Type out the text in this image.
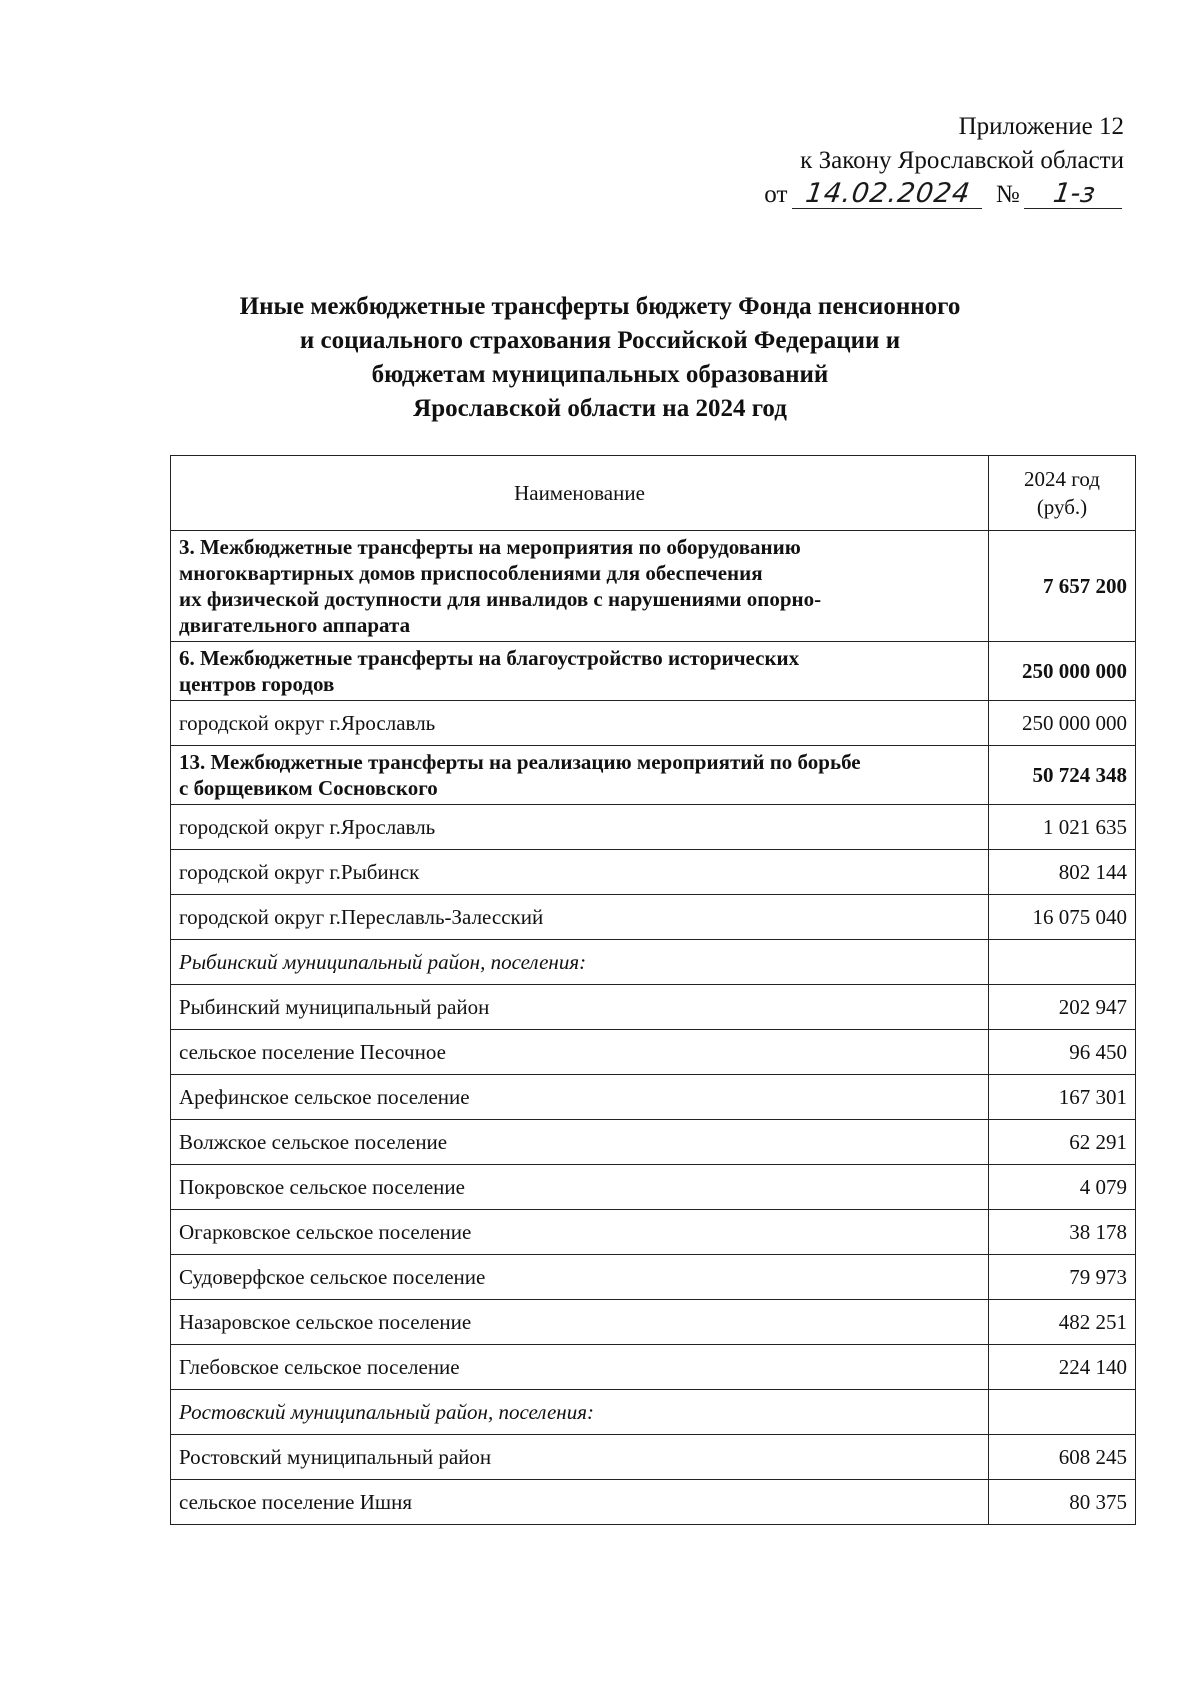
Приложение 12
к Закону Ярославской области
от 14.02.2024 № 1-з
Иные межбюджетные трансферты бюджету Фонда пенсионного
и социального страхования Российской Федерации и
бюджетам муниципальных образований
Ярославской области на 2024 год
Наименование	2024 год
(руб.)

3. Межбюджетные трансферты на мероприятия по оборудованию
многоквартирных домов приспособлениями для обеспечения
их физической доступности для инвалидов с нарушениями опорно-
двигательного аппарата	7 657 200

6. Межбюджетные трансферты на благоустройство исторических
центров городов	250 000 000
городской округ г.Ярославль	250 000 000

13. Межбюджетные трансферты на реализацию мероприятий по борьбе
с борщевиком Сосновского	50 724 348
городской округ г.Ярославль	1 021 635
городской округ г.Рыбинск	802 144
городской округ г.Переславль-Залесский	16 075 040
Рыбинский муниципальный район, поселения:	
Рыбинский муниципальный район	202 947
сельское поселение Песочное	96 450
Арефинское сельское поселение	167 301
Волжское сельское поселение	62 291
Покровское сельское поселение	4 079
Огарковское сельское поселение	38 178
Судоверфское сельское поселение	79 973
Назаровское сельское поселение	482 251
Глебовское сельское поселение	224 140
Ростовский муниципальный район, поселения:	
Ростовский муниципальный район	608 245
сельское поселение Ишня	80 375
